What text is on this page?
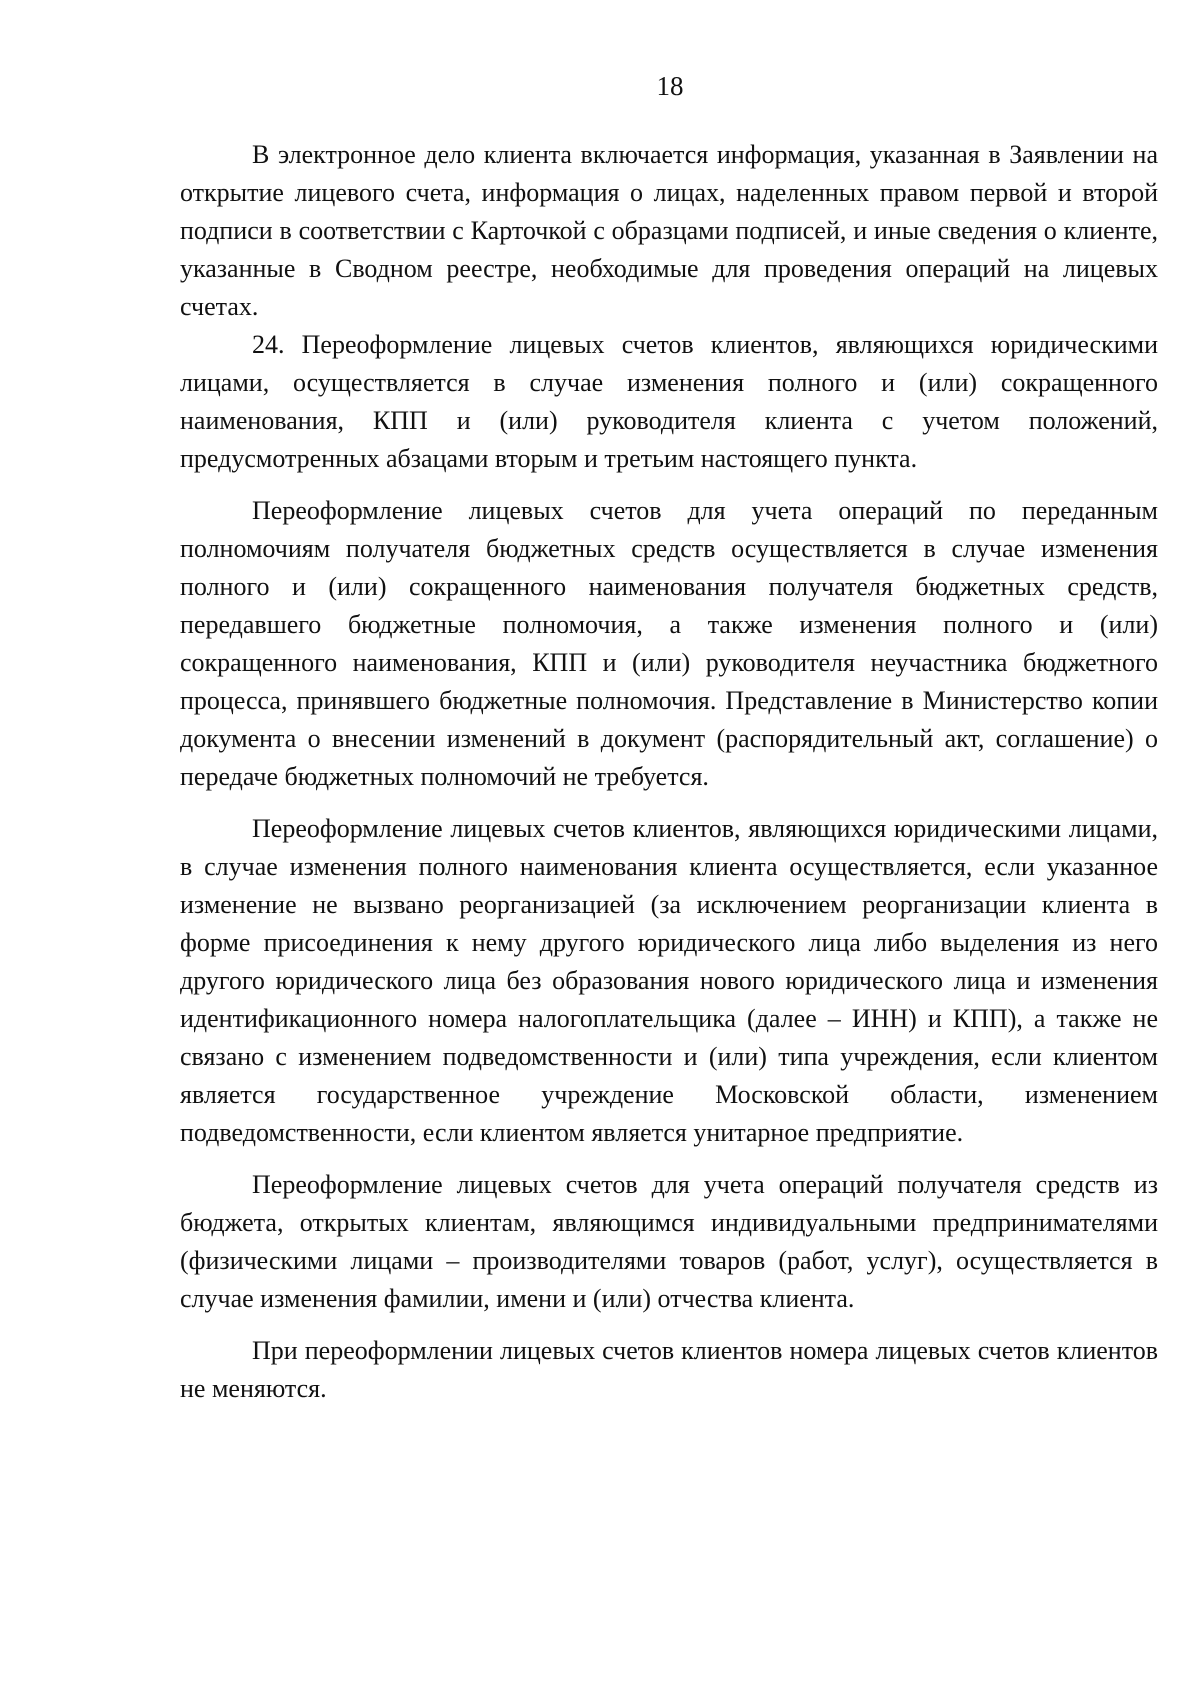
18

В электронное дело клиента включается информация, указанная в Заявлении на открытие лицевого счета, информация о лицах, наделенных правом первой и второй подписи в соответствии с Карточкой с образцами подписей, и иные сведения о клиенте, указанные в Сводном реестре, необходимые для проведения операций на лицевых счетах.

24. Переоформление лицевых счетов клиентов, являющихся юридическими лицами, осуществляется в случае изменения полного и (или) сокращенного наименования, КПП и (или) руководителя клиента с учетом положений, предусмотренных абзацами вторым и третьим настоящего пункта.

Переоформление лицевых счетов для учета операций по переданным полномочиям получателя бюджетных средств осуществляется в случае изменения полного и (или) сокращенного наименования получателя бюджетных средств, передавшего бюджетные полномочия, а также изменения полного и (или) сокращенного наименования, КПП и (или) руководителя неучастника бюджетного процесса, принявшего бюджетные полномочия. Представление в Министерство копии документа о внесении изменений в документ (распорядительный акт, соглашение) о передаче бюджетных полномочий не требуется.

Переоформление лицевых счетов клиентов, являющихся юридическими лицами, в случае изменения полного наименования клиента осуществляется, если указанное изменение не вызвано реорганизацией (за исключением реорганизации клиента в форме присоединения к нему другого юридического лица либо выделения из него другого юридического лица без образования нового юридического лица и изменения идентификационного номера налогоплательщика (далее – ИНН) и КПП), а также не связано с изменением подведомственности и (или) типа учреждения, если клиентом является государственное учреждение Московской области, изменением подведомственности, если клиентом является унитарное предприятие.

Переоформление лицевых счетов для учета операций получателя средств из бюджета, открытых клиентам, являющимся индивидуальными предпринимателями (физическими лицами – производителями товаров (работ, услуг), осуществляется в случае изменения фамилии, имени и (или) отчества клиента.

При переоформлении лицевых счетов клиентов номера лицевых счетов клиентов не меняются.
